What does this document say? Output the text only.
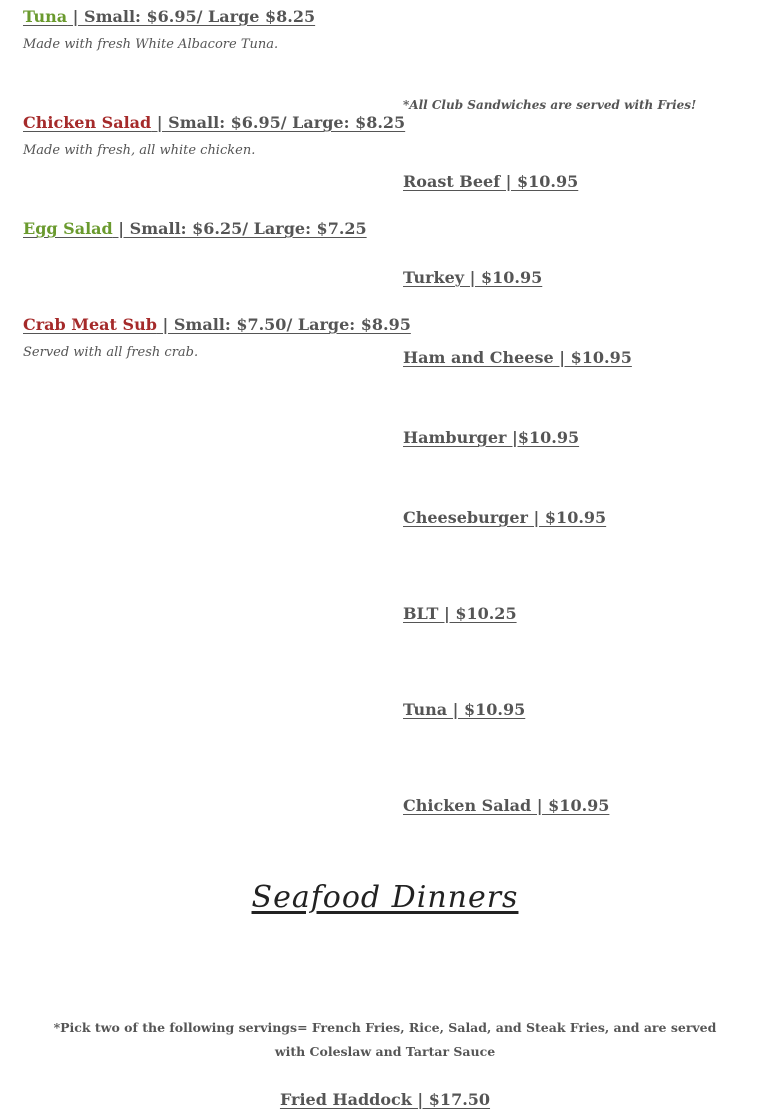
Tuna | Small: $6.95/ Large $8.25
Made with fresh White Albacore Tuna.
Chicken Salad | Small: $6.95/ Large: $8.25
Made with fresh, all white chicken.
Egg Salad | Small: $6.25/ Large: $7.25
Crab Meat Sub | Small: $7.50/ Large: $8.95
Served with all fresh crab.
*All Club Sandwiches are served with Fries!
Roast Beef | $10.95
Turkey | $10.95
Ham and Cheese | $10.95
Hamburger |$10.95
Cheeseburger | $10.95
BLT | $10.25
Tuna | $10.95
Chicken Salad | $10.95
Seafood Dinners
*Pick two of the following servings= French Fries, Rice, Salad, and Steak Fries, and are served with Coleslaw and Tartar Sauce
Fried Haddock | $17.50
